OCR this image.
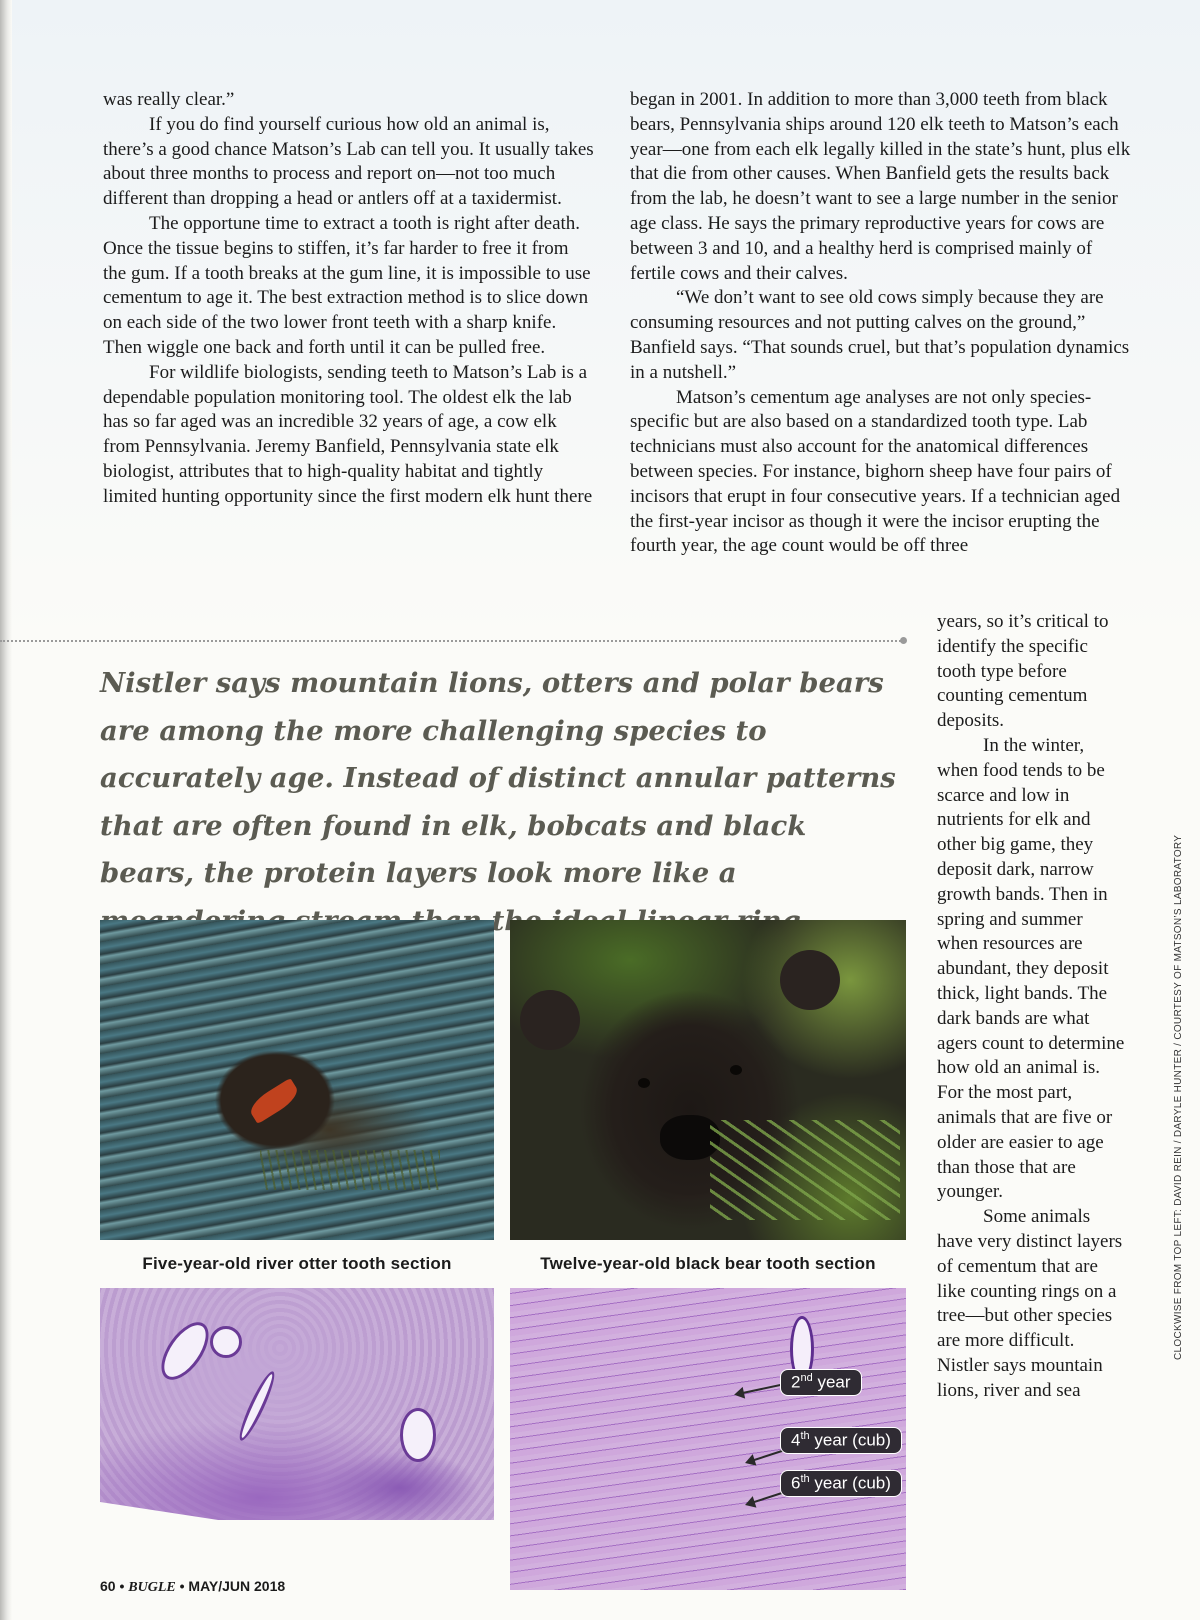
was really clear.”

If you do find yourself curious how old an animal is, there’s a good chance Matson’s Lab can tell you. It usually takes about three months to process and report on—not too much different than dropping a head or antlers off at a taxidermist.

The opportune time to extract a tooth is right after death. Once the tissue begins to stiffen, it’s far harder to free it from the gum. If a tooth breaks at the gum line, it is impossible to use cementum to age it. The best extraction method is to slice down on each side of the two lower front teeth with a sharp knife. Then wiggle one back and forth until it can be pulled free.

For wildlife biologists, sending teeth to Matson’s Lab is a dependable population monitoring tool. The oldest elk the lab has so far aged was an incredible 32 years of age, a cow elk from Pennsylvania. Jeremy Banfield, Pennsylvania state elk biologist, attributes that to high-quality habitat and tightly limited hunting opportunity since the first modern elk hunt there

began in 2001. In addition to more than 3,000 teeth from black bears, Pennsylvania ships around 120 elk teeth to Matson’s each year—one from each elk legally killed in the state’s hunt, plus elk that die from other causes. When Banfield gets the results back from the lab, he doesn’t want to see a large number in the senior age class. He says the primary reproductive years for cows are between 3 and 10, and a healthy herd is comprised mainly of fertile cows and their calves.

“We don’t want to see old cows simply because they are consuming resources and not putting calves on the ground,” Banfield says. “That sounds cruel, but that’s population dynamics in a nutshell.”

Matson’s cementum age analyses are not only species-specific but are also based on a standardized tooth type. Lab technicians must also account for the anatomical differences between species. For instance, bighorn sheep have four pairs of incisors that erupt in four consecutive years. If a technician aged the first-year incisor as though it were the incisor erupting the fourth year, the age count would be off three

years, so it’s critical to identify the specific tooth type before counting cementum deposits.

In the winter, when food tends to be scarce and low in nutrients for elk and other big game, they deposit dark, narrow growth bands. Then in spring and summer when resources are abundant, they deposit thick, light bands. The dark bands are what agers count to determine how old an animal is. For the most part, animals that are five or older are easier to age than those that are younger.

Some animals have very distinct layers of cementum that are like counting rings on a tree—but other species are more difficult. Nistler says mountain lions, river and sea

Nistler says mountain lions, otters and polar bears are among the more challenging species to accurately age. Instead of distinct annular patterns that are often found in elk, bobcats and black bears, the protein layers look more like a

Five-year-old river otter tooth section	Twelve-year-old black bear tooth section
2nd year
4th year (cub)
6th year (cub)
CLOCKWISE FROM TOP LEFT: DAVID REIN / DARYLE HUNTER / COURTESY OF MATSON’S LABORATORY
60 • BUGLE • MAY/JUN 2018
